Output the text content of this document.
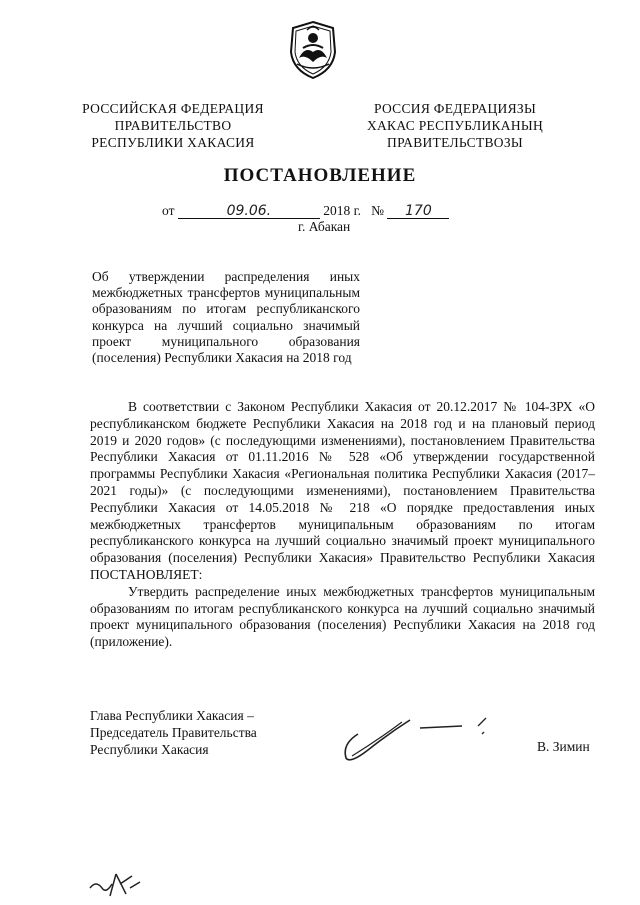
РОССИЙСКАЯ ФЕДЕРАЦИЯ
ПРАВИТЕЛЬСТВО
РЕСПУБЛИКИ ХАКАСИЯ
РОССИЯ ФЕДЕРАЦИЯЗЫ
ХАКАС РЕСПУБЛИКАНЫҢ
ПРАВИТЕЛЬСТВОЗЫ
ПОСТАНОВЛЕНИЕ
от	09.06.	2018 г. № 170
г. Абакан
Об утверждении распределения иных межбюджетных трансфертов муниципальным образованиям по итогам республиканского конкурса на лучший социально значимый проект муниципального образования (поселения) Республики Хакасия на 2018 год

В соответствии с Законом Республики Хакасия от 20.12.2017 № 104-ЗРХ «О республиканском бюджете Республики Хакасия на 2018 год и на плановый период 2019 и 2020 годов» (с последующими изменениями), постановлением Правительства Республики Хакасия от 01.11.2016 № 528 «Об утверждении государственной программы Республики Хакасия «Региональная политика Республики Хакасия (2017–2021 годы)» (с последующими изменениями), постановлением Правительства Республики Хакасия от 14.05.2018 № 218 «О порядке предоставления иных межбюджетных трансфертов муниципальным образованиям по итогам республиканского конкурса на лучший социально значимый проект муниципального образования (поселения) Республики Хакасия» Правительство Республики Хакасия ПОСТАНОВЛЯЕТ:

Утвердить распределение иных межбюджетных трансфертов муниципальным образованиям по итогам республиканского конкурса на лучший социально значимый проект муниципального образования (поселения) Республики Хакасия на 2018 год (приложение).

Глава Республики Хакасия –
Председатель Правительства
Республики Хакасия	В. Зимин
